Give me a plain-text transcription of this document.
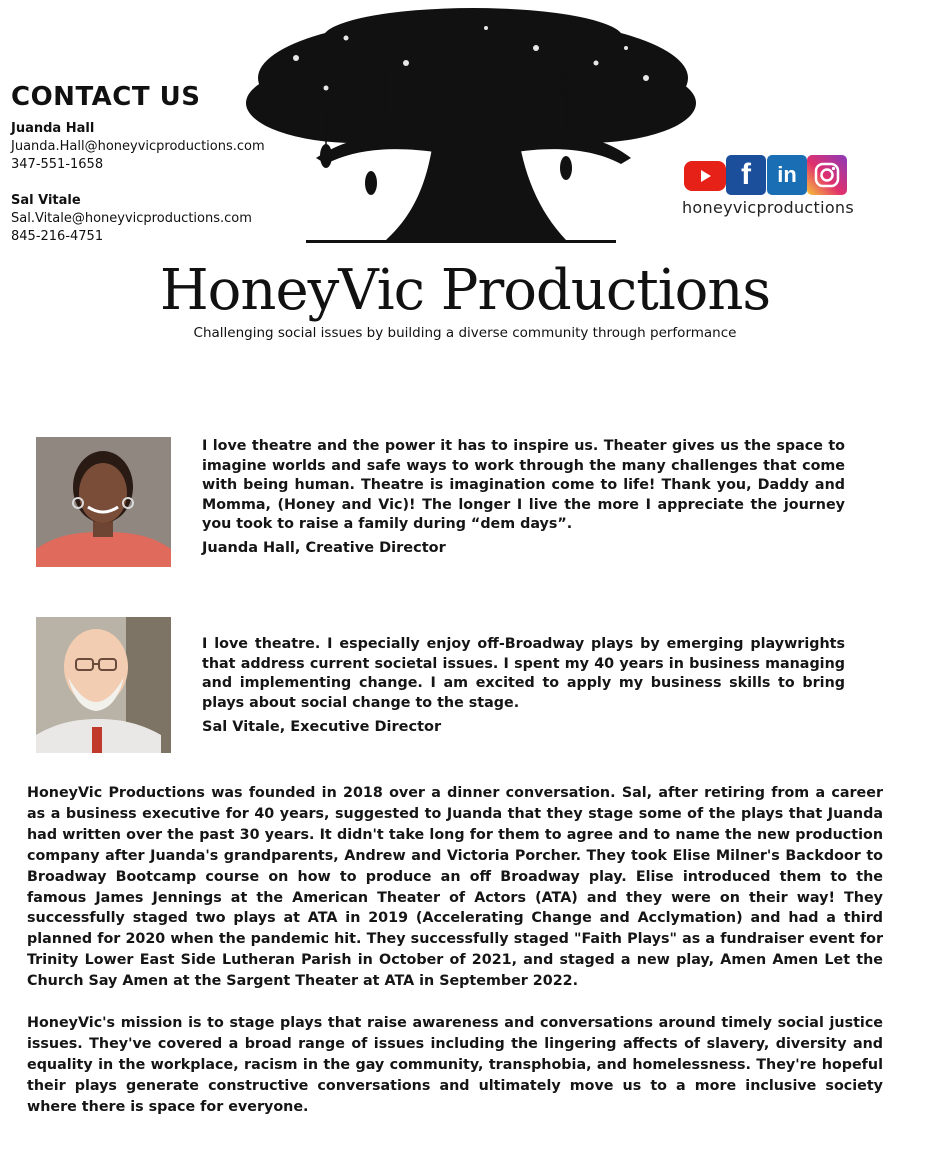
CONTACT US
Juanda Hall
Juanda.Hall@honeyvicproductions.com
347-551-1658
Sal Vitale
Sal.Vitale@honeyvicproductions.com
845-216-4751
f	in
honeyvicproductions
HoneyVic Productions
Challenging social issues by building a diverse community through performance
I love theatre and the power it has to inspire us. Theater gives us the space to imagine worlds and safe ways to work through the many challenges that come with being human. Theatre is imagination come to life! Thank you, Daddy and Momma, (Honey and Vic)! The longer I live the more I appreciate the journey you took to raise a family during “dem days”.
Juanda Hall, Creative Director
I love theatre. I especially enjoy off-Broadway plays by emerging playwrights that address current societal issues. I spent my 40 years in business managing and implementing change. I am excited to apply my business skills to bring plays about social change to the stage.
Sal Vitale, Executive Director
HoneyVic Productions was founded in 2018 over a dinner conversation. Sal, after retiring from a career as a business executive for 40 years, suggested to Juanda that they stage some of the plays that Juanda had written over the past 30 years. It didn't take long for them to agree and to name the new production company after Juanda's grandparents, Andrew and Victoria Porcher. They took Elise Milner's Backdoor to Broadway Bootcamp course on how to produce an off Broadway play. Elise introduced them to the famous James Jennings at the American Theater of Actors (ATA) and they were on their way! They successfully staged two plays at ATA in 2019 (Accelerating Change and Acclymation) and had a third planned for 2020 when the pandemic hit. They successfully staged "Faith Plays" as a fundraiser event for Trinity Lower East Side Lutheran Parish in October of 2021, and staged a new play, Amen Amen Let the Church Say Amen at the Sargent Theater at ATA in September 2022.
HoneyVic's mission is to stage plays that raise awareness and conversations around timely social justice issues. They've covered a broad range of issues including the lingering affects of slavery, diversity and equality in the workplace, racism in the gay community, transphobia, and homelessness. They're hopeful their plays generate constructive conversations and ultimately move us to a more inclusive society where there is space for everyone.
